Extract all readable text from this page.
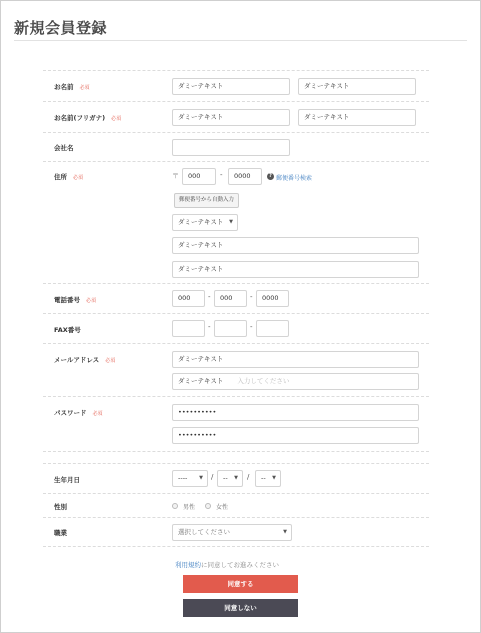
新規会員登録
お名前 必須	ダミーテキスト	ダミーテキスト
お名前(フリガナ) 必須	ダミーテキスト	ダミーテキスト
会社名
住所 必須	〒	000	-	0000	? 郵便番号検索
郵便番号から自動入力
ダミーテキスト ▼
ダミーテキスト
ダミーテキスト
電話番号 必須	000	-	000	-	0000
FAX番号	-	-
メールアドレス 必須	ダミーテキスト
ダミーテキスト 入力してください
パスワード 必須	••••••••••
••••••••••
生年月日	---- ▼ /	-- ▼ /	-- ▼
性別	男性	女性
職業	選択してください	▼
利用規約に同意してお進みください
同意する
同意しない
